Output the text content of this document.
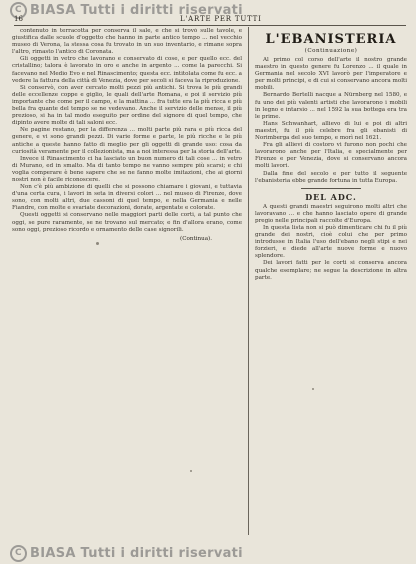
C BIASA Tutti i diritti riservati
16	L'ARTE PER TUTTI

contenuto in terracotta per conserva il sale, e che si trovò sulle tavole, e giustifica dalle scuole d'oggetto che hanno in parte antico tempo ... nel vecchio museo di Verona, la stessa cosa fu trovato in un suo inventario, e rimane sopra l'altro, rimasto l'antico di Coronata.

Gli oggetti in vetro che lavorano e conservato di cose, e per quello ecc. del cristallino; talora è lavorato in oro e anche in argento ... come la parecchi. Si facevano nel Medio Evo e nel Rinascimento; questa ecc. intitolata come fu ecc. a vedere la fattura della città di Venezia, dove per secoli si faceva la riproduzione.

Si conservò, con aver cercato molti pezzi più antichi. Si trova le più grandi delle eccellenze coppe e giglio, le quali dell'arte Romana, e poi il servizio più importante che come per il campo, e la mattina ... fra tutte era la più ricca e più bella fra quante del tempo se ne vedevano. Anche il servizio delle mense, il più prezioso, si ha in tal modo eseguito per ordine del signore di quel tempo, che dipinto avere molte di tali saloni ecc.

Ne pagine restano, per la differenza ... molti parte più rara e più ricca del genere, e vi sono grandi pezzi. Di varie forme e parte, le più ricche e le più antiche a queste hanno fatto di meglio per gli oggetti di grande uso: cosa da curiosità veramente per il collezionista, ma a noi interessa per la storia dell'arte.

Invece il Rinascimento ci ha lasciato un buon numero di tali cose ... in vetro di Murano, ed in smalto. Ma di tanto tempo ne vanno sempre più scarsi; e chi voglia comperare è bene sapere che se ne fanno molte imitazioni, che ai giorni nostri non è facile riconoscere.

Non c'è più ambizione di quelli che si possono chiamare i giovani, e tuttavia d'una certa cura, i lavori in seta in diversi colori ... nel museo di Firenze, dove sono, con molti altri, due cassoni di quel tempo, e nella Germania e nelle Fiandre, con molte e svariate decorazioni, dorate, argentate e colorate.

Questi oggetti si conservano nelle maggiori parti delle corti, a tal punto che oggi, se pure raramente, se ne trovano sul mercato; e fin d'allora erano, come sono oggi, prezioso ricordo e ornamento delle case signorili.

(Continua).
L'EBANISTERIA
(Continuazione)

Al primo col corso dell'arte il nostro grande maestro in questo genere fu Lorenzo ... il quale in Germania nel secolo XVI lavorò per l'imperatore e per molti principi, e di cui si conservano ancora molti mobili.

Bernardo Bertelli nacque a Nürnberg nel 1580, e fu uno dei più valenti artisti che lavorarono i mobili in legno e intarsio ... nel 1592 la sua bottega era tra le prime.

Hans Schwanhart, allievo di lui e poi di altri maestri, fu il più celebre fra gli ebanisti di Norimberga del suo tempo, e morì nel 1621.

Fra gli allievi di costoro vi furono non pochi che lavorarono anche per l'Italia, e specialmente per Firenze e per Venezia, dove si conservano ancora molti lavori.

Dalla fine del secolo e per tutto il seguente l'ebanisteria ebbe grande fortuna in tutta Europa.

DEL ADC.

A questi grandi maestri seguirono molti altri che lavoravano ... e che hanno lasciato opere di grande pregio nelle principali raccolte d'Europa.

In questa lista non si può dimenticare chi fu il più grande dei nostri, cioè colui che per primo introdusse in Italia l'uso dell'ebano negli stipi e nei forzieri, e diede all'arte nuove forme e nuovo splendore.

Dei lavori fatti per le corti si conserva ancora qualche esemplare; ne segue la descrizione in altra parte.

C BIASA Tutti i diritti riservati
